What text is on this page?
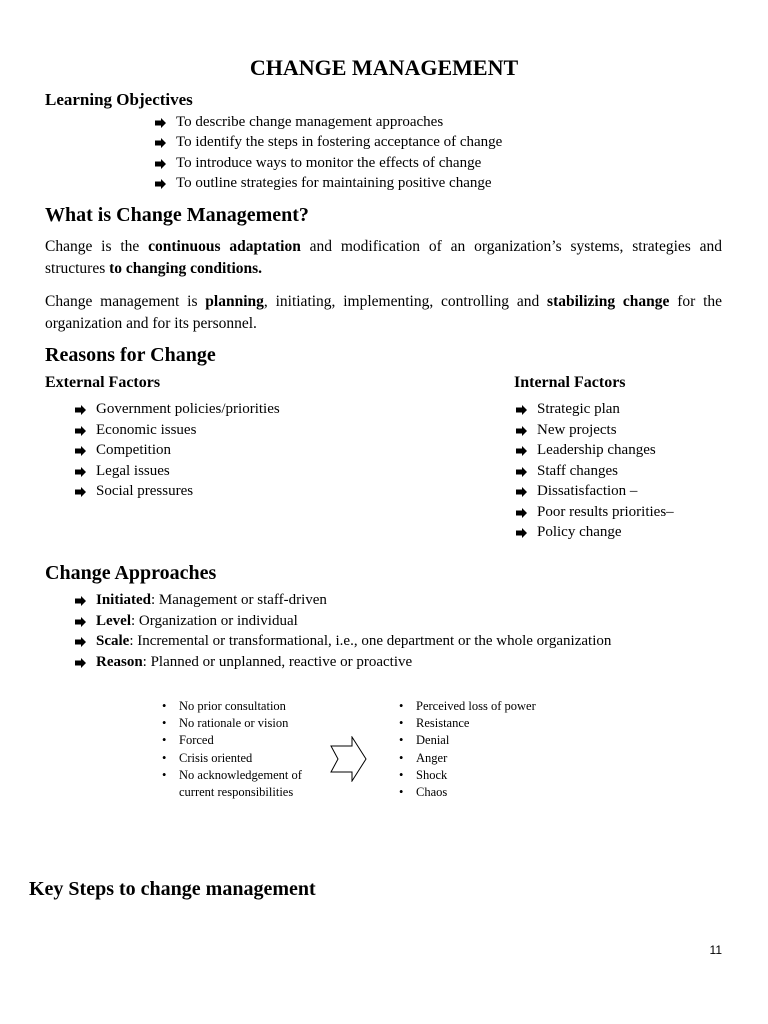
CHANGE MANAGEMENT
Learning Objectives
To describe change management approaches
To identify the steps in fostering acceptance of change
To introduce ways to monitor the effects of change
To outline strategies for maintaining positive change
What is Change Management?
Change is the continuous adaptation and modification of an organization’s systems, strategies and structures to changing conditions.
Change management is planning, initiating, implementing, controlling and stabilizing change for the organization and for its personnel.
Reasons for Change
External Factors
Government policies/priorities
Economic issues
Competition
Legal issues
Social pressures
Internal Factors
Strategic plan
New projects
Leadership changes
Staff changes
Dissatisfaction –
Poor results priorities–
Policy change
Change Approaches
Initiated: Management or staff-driven
Level: Organization or individual
Scale: Incremental or transformational, i.e., one department or the whole organization
Reason: Planned or unplanned, reactive or proactive
• No prior consultation
• No rationale or vision
• Forced
• Crisis oriented
• No acknowledgement of current responsibilities
• Perceived loss of power
• Resistance
• Denial
• Anger
• Shock
• Chaos
Key Steps to change management
11
